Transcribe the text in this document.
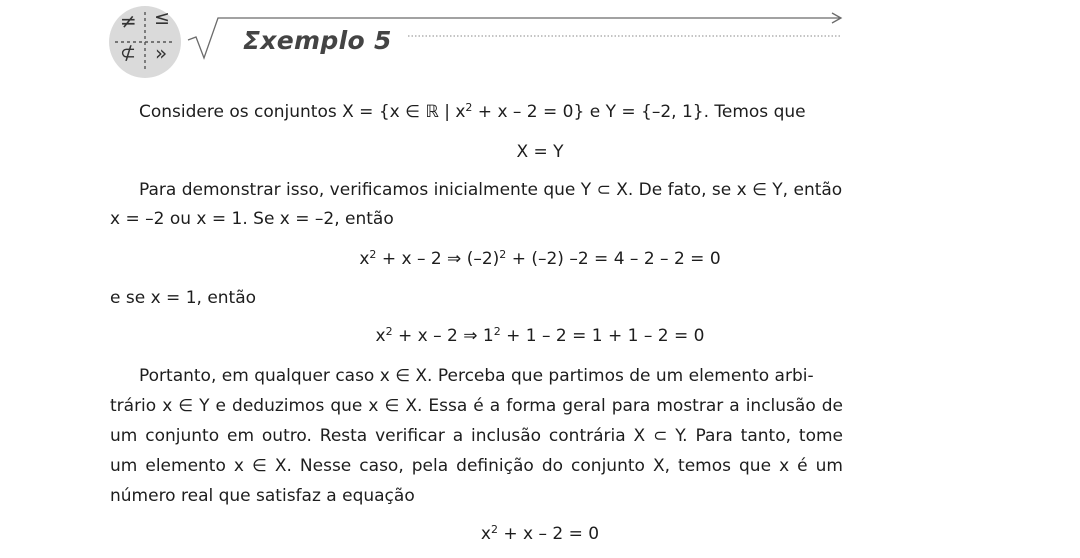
≠ ≤
⊄ »	Σxemplo 5
Considere os conjuntos X = {x ∈ ℝ | $x^2 + x - 2 = 0$} e Y = {–2, 1}. Temos que
X = Y
Para demonstrar isso, verificamos inicialmente que Y ⊂ X. De fato, se x ∈ Y, então
x = –2 ou x = 1. Se x = –2, então
$x^2 + x - 2$ ⇒ $(-2)^2 + (-2) -2 = 4 - 2 - 2 = 0$
e se x = 1, então
$x^2 + x - 2$ ⇒ $1^2 + 1 - 2 = 1 + 1 - 2 = 0$
Portanto, em qualquer caso x ∈ X. Perceba que partimos de um elemento arbi-
trário x ∈ Y e deduzimos que x ∈ X. Essa é a forma geral para mostrar a inclusão de
um conjunto em outro. Resta verificar a inclusão contrária X ⊂ Y. Para tanto, tome
um elemento x ∈ X. Nesse caso, pela definição do conjunto X, temos que x é um
número real que satisfaz a equação
$x^2 + x - 2 = 0$
